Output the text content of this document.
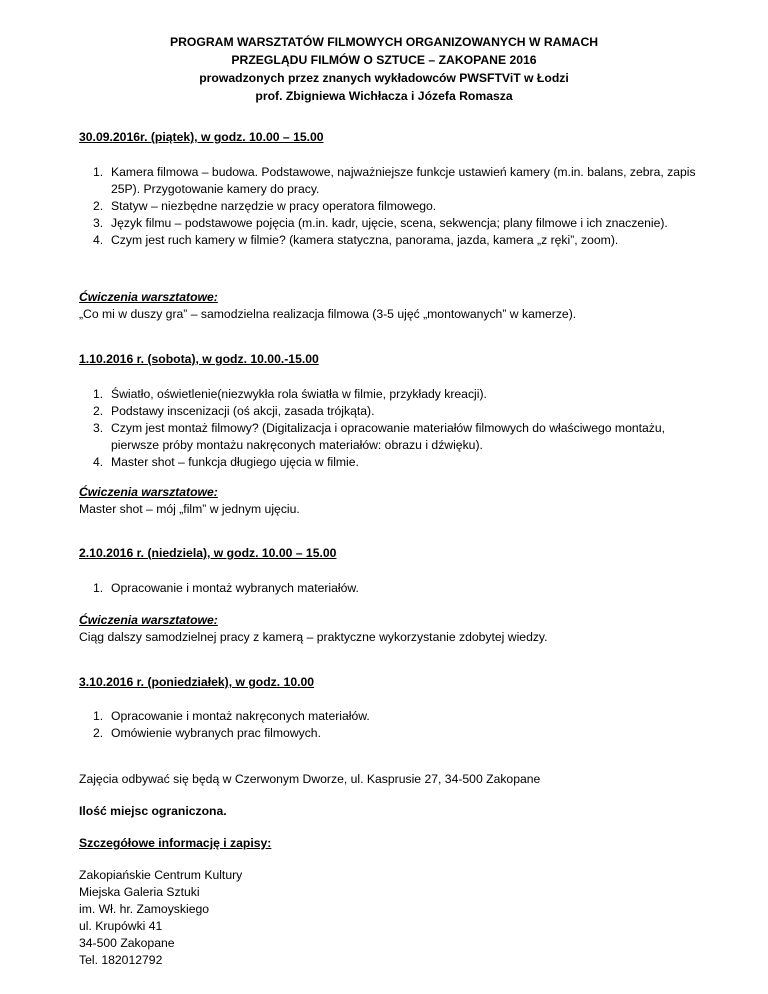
PROGRAM WARSZTATÓW FILMOWYCH ORGANIZOWANYCH W RAMACH
PRZEGLĄDU FILMÓW O SZTUCE – ZAKOPANE 2016
prowadzonych przez znanych wykładowców PWSFTViT w Łodzi
prof. Zbigniewa Wichłacza i Józefa Romasza
30.09.2016r. (piątek), w godz. 10.00 – 15.00
1. Kamera filmowa – budowa. Podstawowe, najważniejsze funkcje ustawień kamery (m.in. balans, zebra, zapis 25P). Przygotowanie kamery do pracy.
2. Statyw – niezbędne narzędzie w pracy operatora filmowego.
3. Język filmu – podstawowe pojęcia (m.in. kadr, ujęcie, scena, sekwencja; plany filmowe i ich znaczenie).
4. Czym jest ruch kamery w filmie? (kamera statyczna, panorama, jazda, kamera „z ręki”, zoom).
Ćwiczenia warsztatowe:
„Co mi w duszy gra” – samodzielna realizacja filmowa (3-5 ujęć „montowanych” w kamerze).
1.10.2016 r. (sobota), w godz. 10.00.-15.00
1. Światło, oświetlenie(niezwykła rola światła w filmie, przykłady kreacji).
2. Podstawy inscenizacji (oś akcji, zasada trójkąta).
3. Czym jest montaż filmowy? (Digitalizacja i opracowanie materiałów filmowych do właściwego montażu, pierwsze próby montażu nakręconych materiałów: obrazu i dźwięku).
4. Master shot – funkcja długiego ujęcia w filmie.
Ćwiczenia warsztatowe:
Master shot – mój „film” w jednym ujęciu.
2.10.2016 r. (niedziela), w godz. 10.00 – 15.00
1. Opracowanie i montaż wybranych materiałów.
Ćwiczenia warsztatowe:
Ciąg dalszy samodzielnej pracy z kamerą – praktyczne wykorzystanie zdobytej wiedzy.
3.10.2016 r. (poniedziałek), w godz. 10.00
1. Opracowanie i montaż nakręconych materiałów.
2. Omówienie wybranych prac filmowych.
Zajęcia odbywać się będą w Czerwonym Dworze, ul. Kasprusie 27, 34-500 Zakopane
Ilość miejsc ograniczona.
Szczegółowe informację i zapisy:
Zakopiańskie Centrum Kultury
Miejska Galeria Sztuki
im. Wł. hr. Zamoyskiego
ul. Krupówki 41
34-500 Zakopane
Tel. 182012792
